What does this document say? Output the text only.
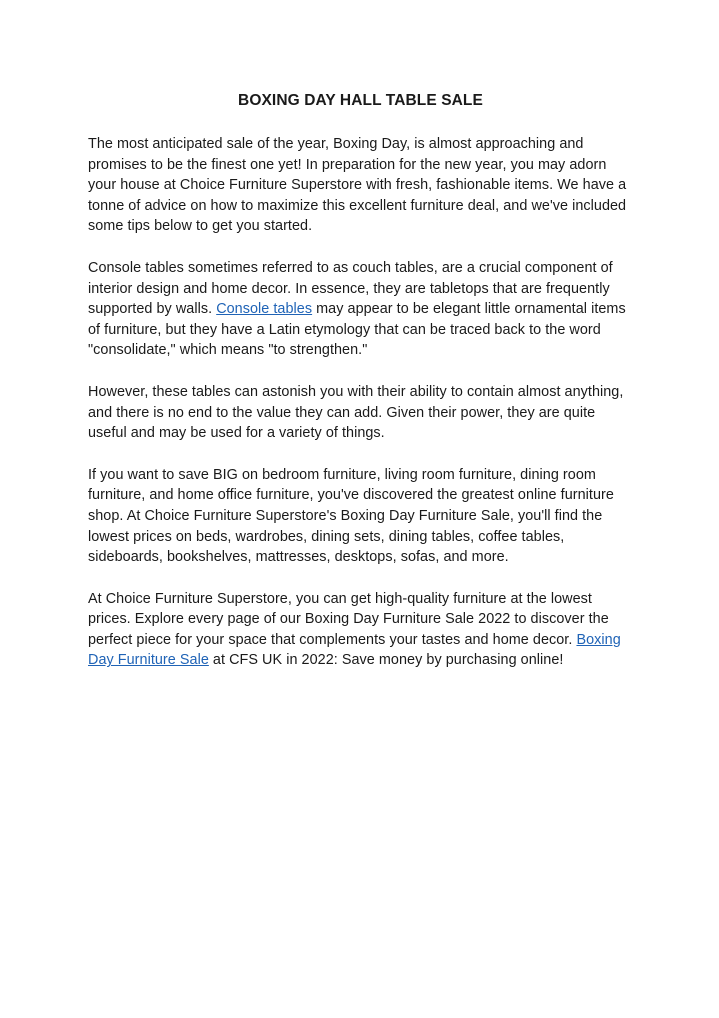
BOXING DAY HALL TABLE SALE

The most anticipated sale of the year, Boxing Day, is almost approaching and promises to be the finest one yet! In preparation for the new year, you may adorn your house at Choice Furniture Superstore with fresh, fashionable items. We have a tonne of advice on how to maximize this excellent furniture deal, and we've included some tips below to get you started.

Console tables sometimes referred to as couch tables, are a crucial component of interior design and home decor. In essence, they are tabletops that are frequently supported by walls. Console tables may appear to be elegant little ornamental items of furniture, but they have a Latin etymology that can be traced back to the word "consolidate," which means "to strengthen."

However, these tables can astonish you with their ability to contain almost anything, and there is no end to the value they can add. Given their power, they are quite useful and may be used for a variety of things.

If you want to save BIG on bedroom furniture, living room furniture, dining room furniture, and home office furniture, you've discovered the greatest online furniture shop. At Choice Furniture Superstore's Boxing Day Furniture Sale, you'll find the lowest prices on beds, wardrobes, dining sets, dining tables, coffee tables, sideboards, bookshelves, mattresses, desktops, sofas, and more.

At Choice Furniture Superstore, you can get high-quality furniture at the lowest prices. Explore every page of our Boxing Day Furniture Sale 2022 to discover the perfect piece for your space that complements your tastes and home decor. Boxing Day Furniture Sale at CFS UK in 2022: Save money by purchasing online!
